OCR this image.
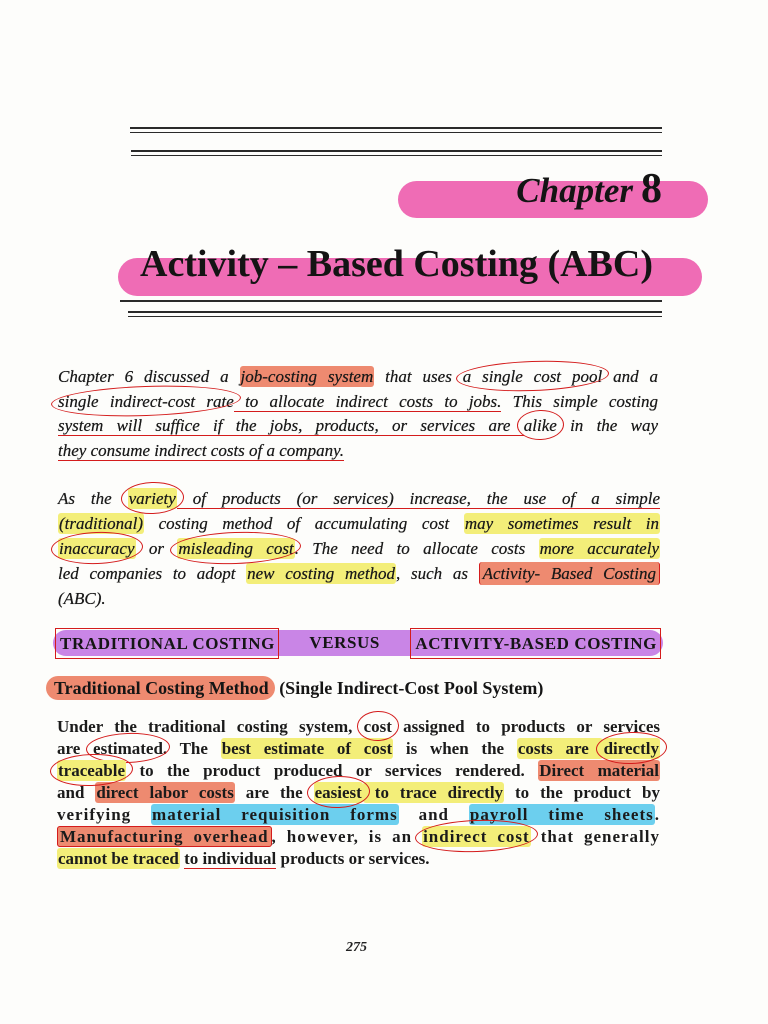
Chapter 8
Activity – Based Costing (ABC)
Chapter 6 discussed a job-costing system that uses a single cost pool and a
single indirect-cost rate to allocate indirect costs to jobs. This simple costing
system will suffice if the jobs, products, or services are alike in the way
they consume indirect costs of a company.
As the variety of products (or services) increase, the use of a simple
(traditional) costing method of accumulating cost may sometimes result in
inaccuracy or misleading cost. The need to allocate costs more accurately
led companies to adopt new costing method, such as Activity- Based Costing
(ABC).
TRADITIONAL COSTING VERSUS ACTIVITY-BASED COSTING
Traditional Costing Method (Single Indirect-Cost Pool System)
Under the traditional costing system, cost assigned to products or services
are estimated. The best estimate of cost is when the costs are directly
traceable to the product produced or services rendered. Direct material
and direct labor costs are the easiest to trace directly to the product by
verifying material requisition forms and payroll time sheets.
Manufacturing overhead , however, is an indirect cost that generally
cannot be traced to individual products or services.
275
